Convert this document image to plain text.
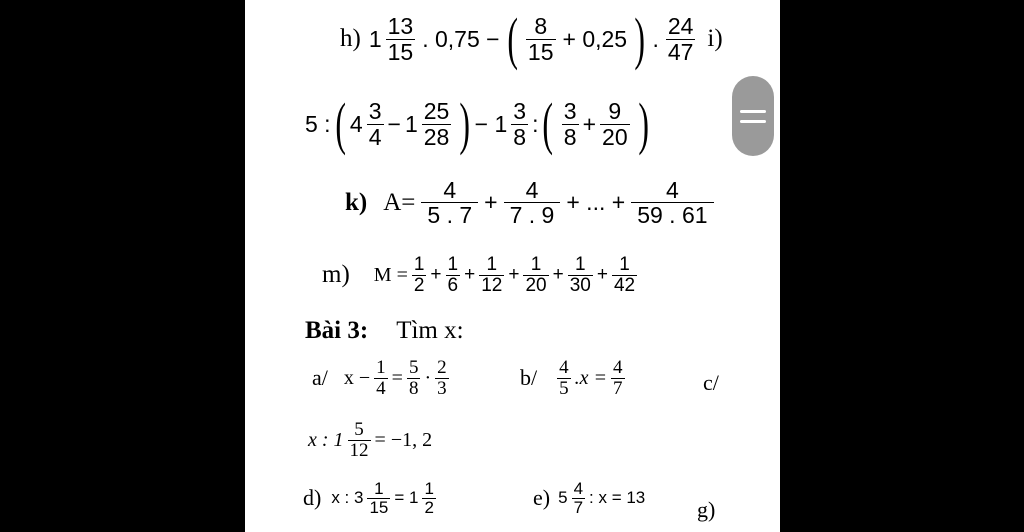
h) $1 \frac{13}{15}$ . 0,75 − ( $\frac{8}{15} + 0,25$ ) . $\frac{24}{47} i$)
5 : ( $4 \frac{3}{4} - 1 \frac{25}{28}$ ) − $1 \frac{3}{8}$ : ( $\frac{3}{8} + \frac{9}{20}$ )
k) $A= \frac{4}{5 . 7} + \frac{4}{7 . 9}$ + ... + $\frac{4}{59 . 61}$
m) $M = \frac{1}{2} + \frac{1}{6} + \frac{1}{12} + \frac{1}{20} + \frac{1}{30} + \frac{1}{42}$
Bài 3: Tìm x:
a/ $x - \frac{1}{4} = \frac{5}{8} \cdot \frac{2}{3}$	$b/ \frac{4}{5} .x = \frac{4}{7}$	c/
x : $1 \frac{5}{12} = -1$, 2
d) x : $3 \frac{1}{15} = 1 \frac{1}{2}$	e) $5 \frac{4}{7}$ : x = 13 g)
